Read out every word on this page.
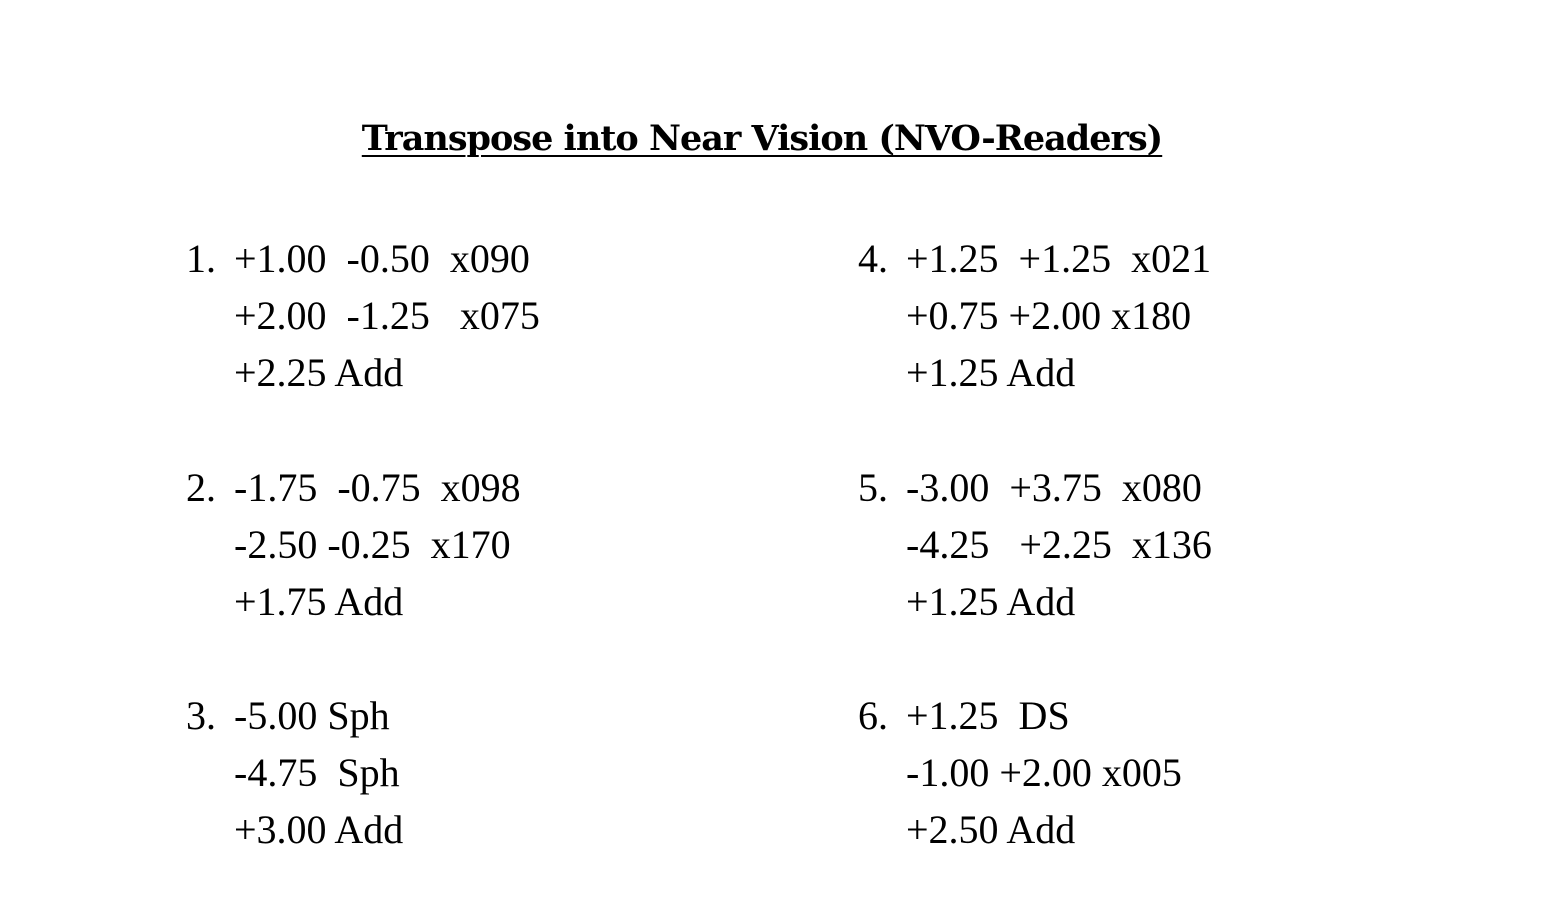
Transpose into Near Vision (NVO-Readers)
1. +1.00  -0.50  x090
+2.00  -1.25   x075
+2.25 Add
2. -1.75  -0.75  x098
-2.50 -0.25  x170
+1.75 Add
3. -5.00 Sph
-4.75  Sph
+3.00 Add
4. +1.25  +1.25  x021
+0.75 +2.00 x180
+1.25 Add
5. -3.00  +3.75  x080
-4.25   +2.25  x136
+1.25 Add
6. +1.25  DS
-1.00 +2.00 x005
+2.50 Add
